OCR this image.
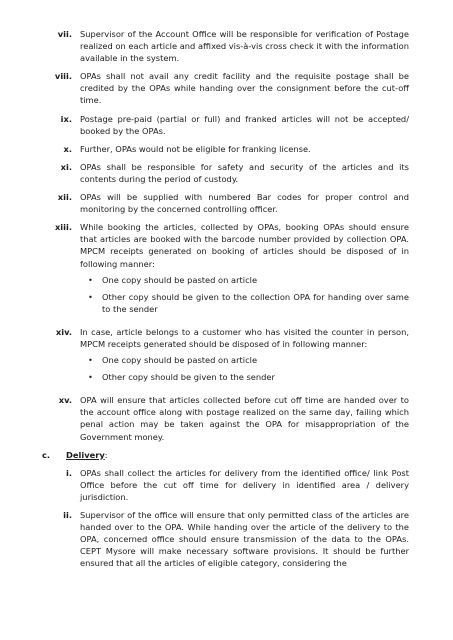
vii. Supervisor of the Account Office will be responsible for verification of Postage realized on each article and affixed vis-à-vis cross check it with the information available in the system.
viii. OPAs shall not avail any credit facility and the requisite postage shall be credited by the OPAs while handing over the consignment before the cut-off time.
ix. Postage pre-paid (partial or full) and franked articles will not be accepted/ booked by the OPAs.
x. Further, OPAs would not be eligible for franking license.
xi. OPAs shall be responsible for safety and security of the articles and its contents during the period of custody.
xii. OPAs will be supplied with numbered Bar codes for proper control and monitoring by the concerned controlling officer.
xiii. While booking the articles, collected by OPAs, booking OPAs should ensure that articles are booked with the barcode number provided by collection OPA. MPCM receipts generated on booking of articles should be disposed of in following manner:
• One copy should be pasted on article
• Other copy should be given to the collection OPA for handing over same to the sender
xiv. In case, article belongs to a customer who has visited the counter in person, MPCM receipts generated should be disposed of in following manner:
• One copy should be pasted on article
• Other copy should be given to the sender
xv. OPA will ensure that articles collected before cut off time are handed over to the account office along with postage realized on the same day, failing which penal action may be taken against the OPA for misappropriation of the Government money.
c.	Delivery:
i. OPAs shall collect the articles for delivery from the identified office/ link Post Office before the cut off time for delivery in identified area / delivery jurisdiction.
ii. Supervisor of the office will ensure that only permitted class of the articles are handed over to the OPA. While handing over the article of the delivery to the OPA, concerned office should ensure transmission of the data to the OPAs. CEPT Mysore will make necessary software provisions. It should be further ensured that all the articles of eligible category, considering the
